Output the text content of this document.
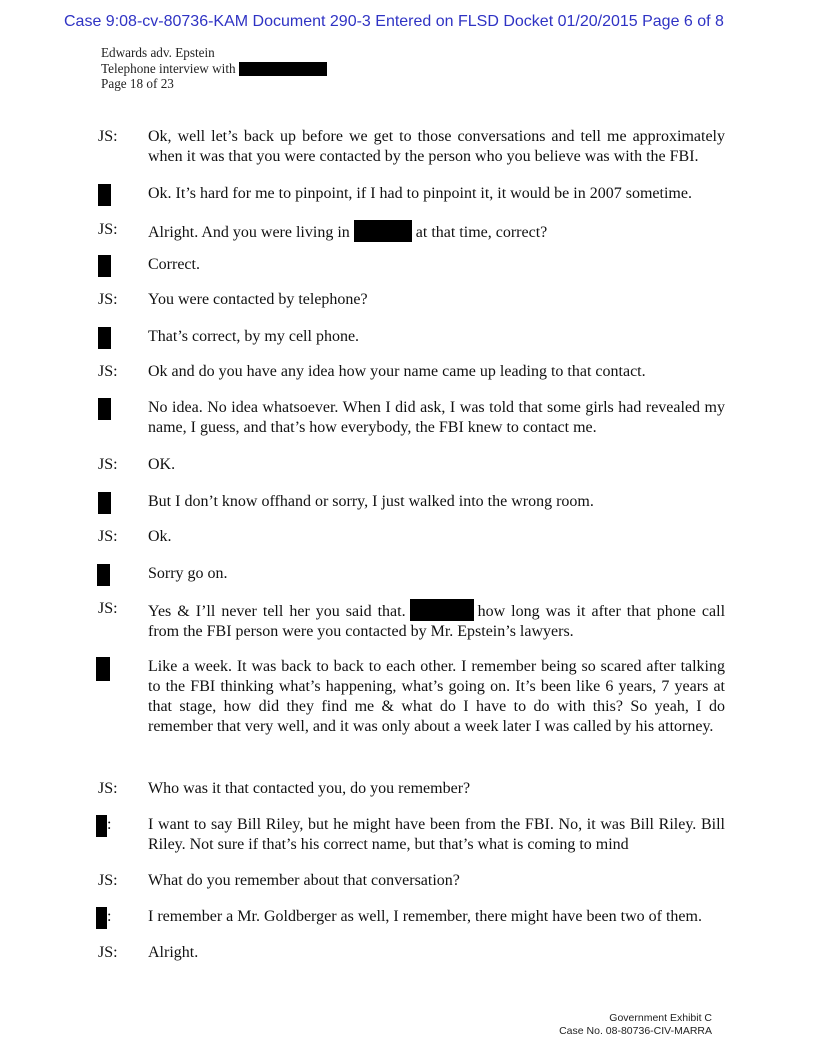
Case 9:08-cv-80736-KAM Document 290-3 Entered on FLSD Docket 01/20/2015 Page 6 of 8
Edwards adv. Epstein
Telephone interview with
Page 18 of 23
JS: Ok, well let’s back up before we get to those conversations and tell me approximately when it was that you were contacted by the person who you believe was with the FBI.
Ok. It’s hard for me to pinpoint, if I had to pinpoint it, it would be in 2007 sometime.
JS: Alright. And you were living in	at that time, correct?
Correct.
JS: You were contacted by telephone?
That’s correct, by my cell phone.
JS: Ok and do you have any idea how your name came up leading to that contact.
No idea. No idea whatsoever. When I did ask, I was told that some girls had revealed my name, I guess, and that’s how everybody, the FBI knew to contact me.
JS: OK.
But I don’t know offhand or sorry, I just walked into the wrong room.
JS: Ok.
Sorry go on.
JS: Yes & I’ll never tell her you said that.	how long was it after that phone call from the FBI person were you contacted by Mr. Epstein’s lawyers.
Like a week. It was back to back to each other. I remember being so scared after talking to the FBI thinking what’s happening, what’s going on. It’s been like 6 years, 7 years at that stage, how did they find me & what do I have to do with this? So yeah, I do remember that very well, and it was only about a week later I was called by his attorney.
JS: Who was it that contacted you, do you remember?
: I want to say Bill Riley, but he might have been from the FBI. No, it was Bill Riley. Bill Riley. Not sure if that’s his correct name, but that’s what is coming to mind
JS: What do you remember about that conversation?
: I remember a Mr. Goldberger as well, I remember, there might have been two of them.
JS: Alright.
Government Exhibit C
Case No. 08-80736-CIV-MARRA
